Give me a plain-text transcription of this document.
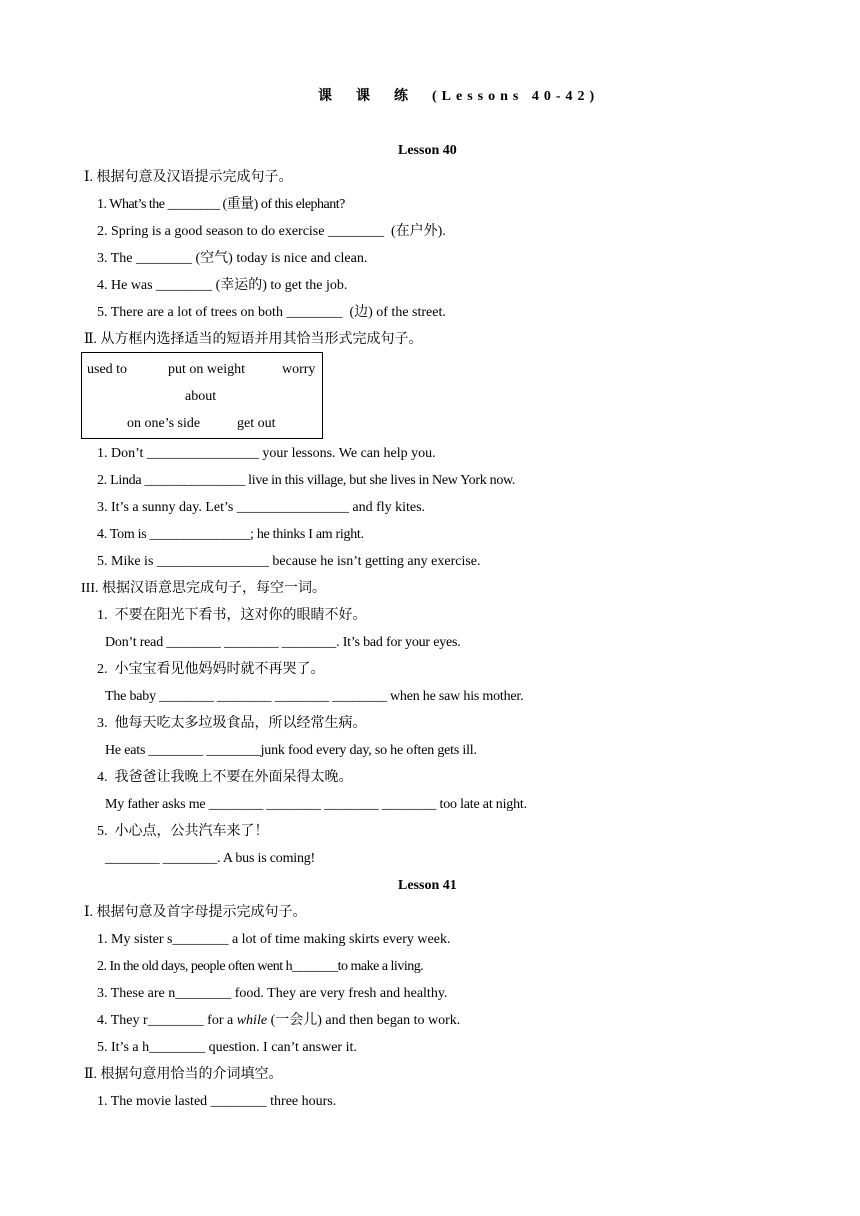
课　课　练　(Lessons 40-42)
Lesson 40
Ⅰ. 根据句意及汉语提示完成句子。
1. What’s the ________ (重量) of this elephant?
2. Spring is a good season to do exercise ________  (在户外).
3. The ________ (空气) today is nice and clean.
4. He was ________ (幸运的) to get the job.
5. There are a lot of trees on both ________  (边) of the street.
Ⅱ. 从方框内选择适当的短语并用其恰当形式完成句子。
used to	put on weight	worry
about
on one’s side	get out
1. Don’t ________________ your lessons. We can help you.
2. Linda _______________ live in this village, but she lives in New York now.
3. It’s a sunny day. Let’s ________________ and fly kites.
4. Tom is _______________; he thinks I am right.
5. Mike is ________________ because he isn’t getting any exercise.
III. 根据汉语意思完成句子，每空一词。
1.  不要在阳光下看书，这对你的眼睛不好。
Don’t read ________ ________ ________. It’s bad for your eyes.
2.  小宝宝看见他妈妈时就不再哭了。
The baby ________ ________ ________ ________ when he saw his mother.
3.  他每天吃太多垃圾食品，所以经常生病。
He eats ________ ________junk food every day, so he often gets ill.
4.  我爸爸让我晚上不要在外面呆得太晚。
My father asks me ________ ________ ________ ________ too late at night.
5.  小心点，公共汽车来了！
________ ________. A bus is coming!
Lesson 41
Ⅰ. 根据句意及首字母提示完成句子。
1. My sister s________ a lot of time making skirts every week.
2. In the old days, people often went h_______to make a living.
3. These are n________ food. They are very fresh and healthy.
4. They r________ for a while (一会儿) and then began to work.
5. It’s a h________ question. I can’t answer it.
Ⅱ. 根据句意用恰当的介词填空。
1. The movie lasted ________ three hours.
